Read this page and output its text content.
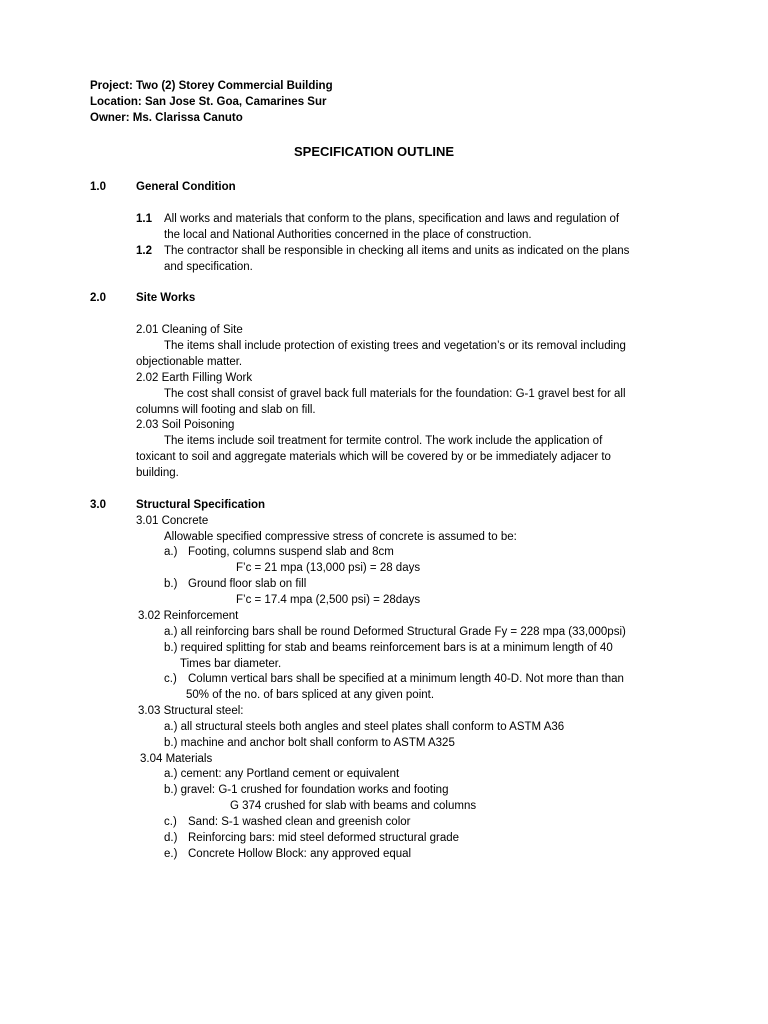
Project: Two (2) Storey Commercial Building
Location: San Jose St. Goa, Camarines Sur
Owner: Ms. Clarissa Canuto
SPECIFICATION OUTLINE
1.0	General Condition
1.1 All works and materials that conform to the plans, specification and laws and regulation of
the local and National Authorities concerned in the place of construction.
1.2 The contractor shall be responsible in checking all items and units as indicated on the plans
and specification.
2.0	Site Works
2.01 Cleaning of Site
The items shall include protection of existing trees and vegetation’s or its removal including
objectionable matter.
2.02 Earth Filling Work
The cost shall consist of gravel back full materials for the foundation: G-1 gravel best for all
columns will footing and slab on fill.
2.03 Soil Poisoning
The items include soil treatment for termite control. The work include the application of
toxicant to soil and aggregate materials which will be covered by or be immediately adjacer to
building.
3.0	Structural Specification
3.01 Concrete
Allowable specified compressive stress of concrete is assumed to be:
a.) Footing, columns suspend slab and 8cm
F’c = 21 mpa (13,000 psi) = 28 days
b.) Ground floor slab on fill
F’c = 17.4 mpa (2,500 psi) = 28days
3.02 Reinforcement
a.) all reinforcing bars shall be round Deformed Structural Grade Fy = 228 mpa (33,000psi)
b.) required splitting for stab and beams reinforcement bars is at a minimum length of 40
Times bar diameter.
c.) Column vertical bars shall be specified at a minimum length 40-D. Not more than than
50% of the no. of bars spliced at any given point.
3.03 Structural steel:
a.) all structural steels both angles and steel plates shall conform to ASTM A36
b.) machine and anchor bolt shall conform to ASTM A325
3.04 Materials
a.) cement: any Portland cement or equivalent
b.) gravel: G-1 crushed for foundation works and footing
G 374 crushed for slab with beams and columns
c.) Sand: S-1 washed clean and greenish color
d.) Reinforcing bars: mid steel deformed structural grade
e.) Concrete Hollow Block: any approved equal
